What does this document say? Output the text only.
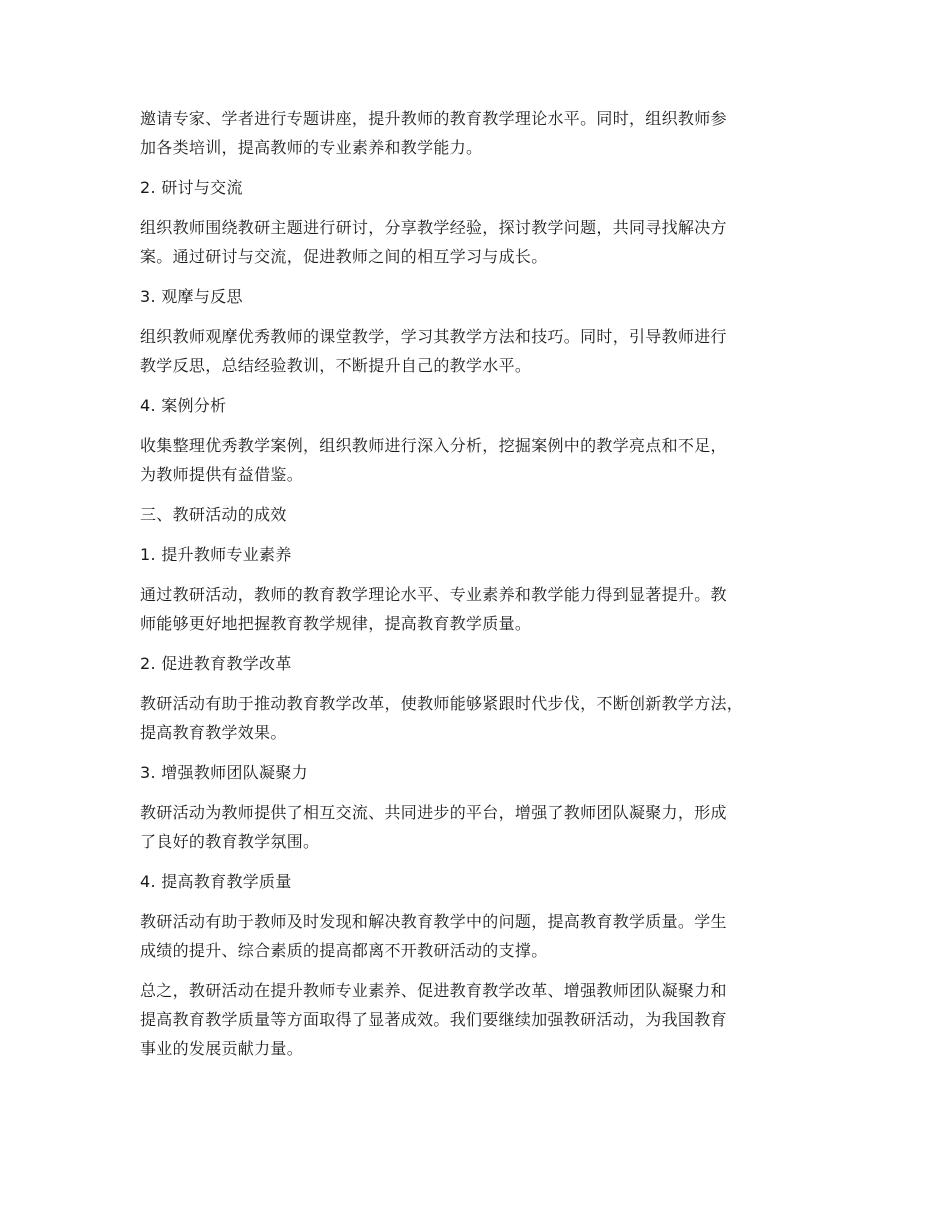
邀请专家、学者进行专题讲座，提升教师的教育教学理论水平。同时，组织教师参
加各类培训，提高教师的专业素养和教学能力。
2. 研讨与交流
组织教师围绕教研主题进行研讨，分享教学经验，探讨教学问题，共同寻找解决方
案。通过研讨与交流，促进教师之间的相互学习与成长。
3. 观摩与反思
组织教师观摩优秀教师的课堂教学，学习其教学方法和技巧。同时，引导教师进行
教学反思，总结经验教训，不断提升自己的教学水平。
4. 案例分析
收集整理优秀教学案例，组织教师进行深入分析，挖掘案例中的教学亮点和不足，
为教师提供有益借鉴。
三、教研活动的成效
1. 提升教师专业素养
通过教研活动，教师的教育教学理论水平、专业素养和教学能力得到显著提升。教
师能够更好地把握教育教学规律，提高教育教学质量。
2. 促进教育教学改革
教研活动有助于推动教育教学改革，使教师能够紧跟时代步伐，不断创新教学方法，
提高教育教学效果。
3. 增强教师团队凝聚力
教研活动为教师提供了相互交流、共同进步的平台，增强了教师团队凝聚力，形成
了良好的教育教学氛围。
4. 提高教育教学质量
教研活动有助于教师及时发现和解决教育教学中的问题，提高教育教学质量。学生
成绩的提升、综合素质的提高都离不开教研活动的支撑。
总之，教研活动在提升教师专业素养、促进教育教学改革、增强教师团队凝聚力和
提高教育教学质量等方面取得了显著成效。我们要继续加强教研活动，为我国教育
事业的发展贡献力量。
